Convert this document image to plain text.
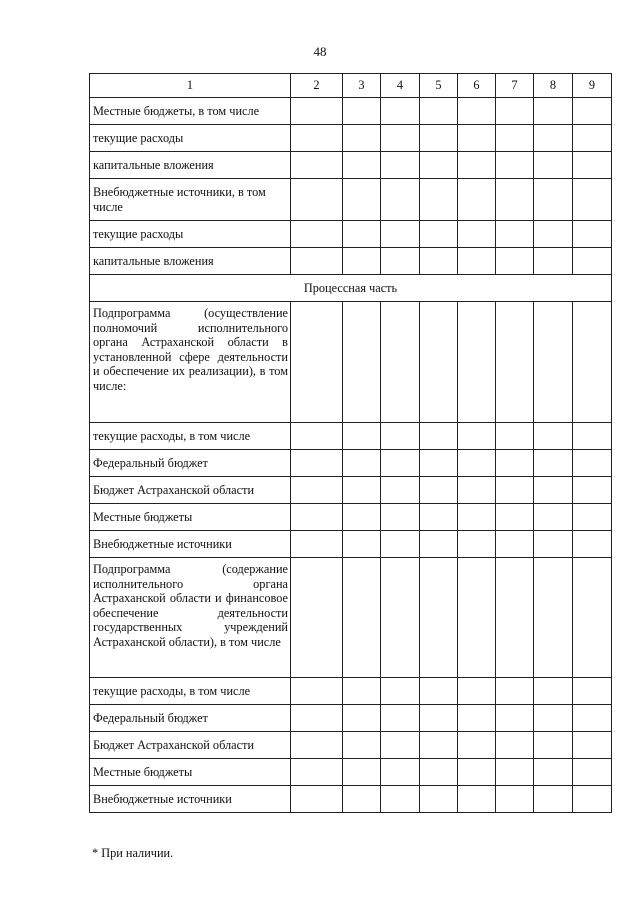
48
1	2	3	4	5	6	7	8	9
Местные бюджеты, в том числе								
текущие расходы								
капитальные вложения								
Внебюджетные источники, в том числе								
текущие расходы								
капитальные вложения								
Процессная часть								
Подпрограмма (осуществление полномочий исполнительного органа Астраханской области в установленной сфере деятельности и обеспечение их реализации), в том числе:								
текущие расходы, в том числе								
Федеральный бюджет								
Бюджет Астраханской области								
Местные бюджеты								
Внебюджетные источники								
Подпрограмма (содержание исполнительного органа Астраханской области и финансовое обеспечение деятельности государственных учреждений Астраханской области), в том числе								
текущие расходы, в том числе								
Федеральный бюджет								
Бюджет Астраханской области								
Местные бюджеты								
Внебюджетные источники								
* При наличии.
